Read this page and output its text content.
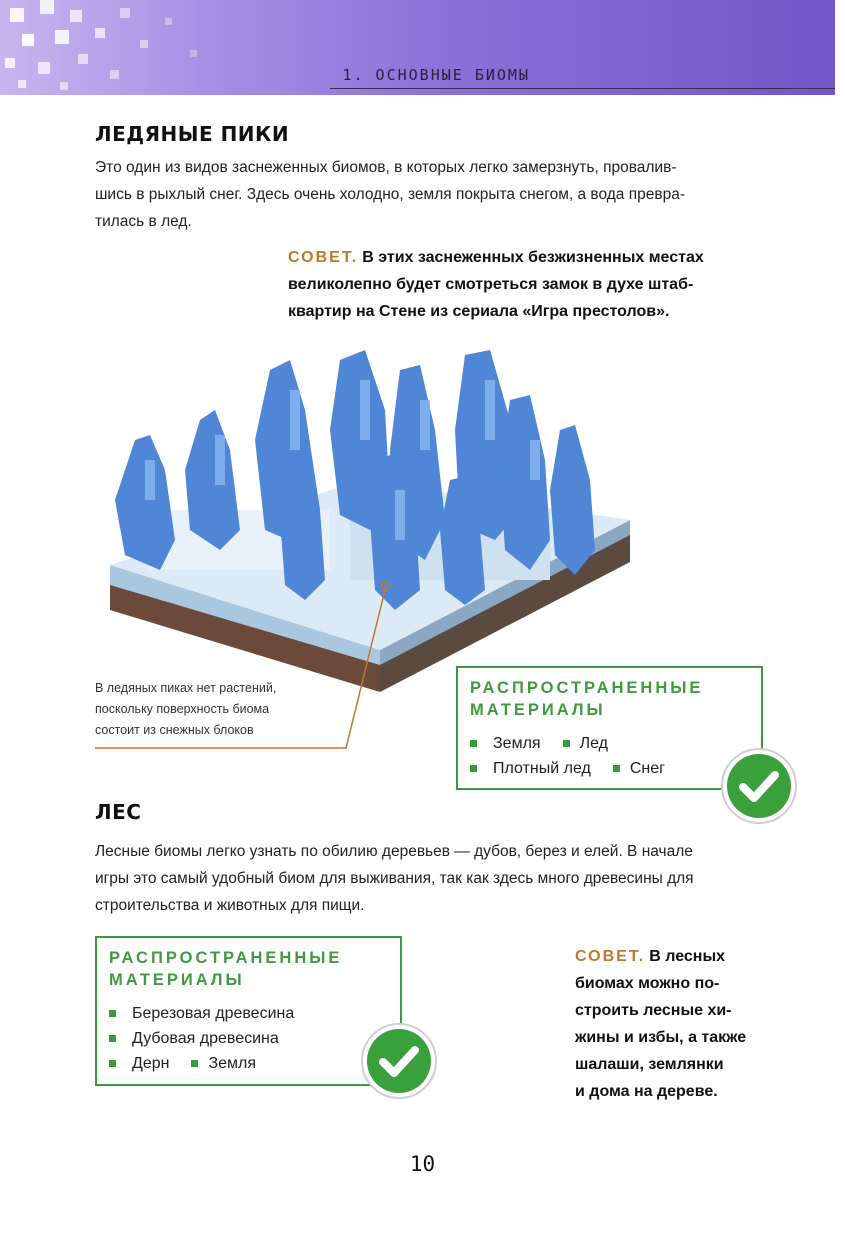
1. ОСНОВНЫЕ БИОМЫ
ЛЕДЯНЫЕ ПИКИ
Это один из видов заснеженных биомов, в которых легко замерзнуть, провалив-
шись в рыхлый снег. Здесь очень холодно, земля покрыта снегом, а вода превра-
тилась в лед.
СОВЕТ. В этих заснеженных безжизненных местах
великолепно будет смотреться замок в духе штаб-
квартир на Стене из сериала «Игра престолов».
В ледяных пиках нет растений,
поскольку поверхность биома
состоит из снежных блоков
РАСПРОСТРАНЕННЫЕ
МАТЕРИАЛЫ
Земля Лед
Плотный лед Снег
ЛЕС
Лесные биомы легко узнать по обилию деревьев — дубов, берез и елей. В начале
игры это самый удобный биом для выживания, так как здесь много древесины для
строительства и животных для пищи.
РАСПРОСТРАНЕННЫЕ
МАТЕРИАЛЫ
Березовая древесина
Дубовая древесина
Дерн Земля
СОВЕТ. В лесных
биомах можно по-
строить лесные хи-
жины и избы, а также
шалаши, землянки
и дома на дереве.
10
